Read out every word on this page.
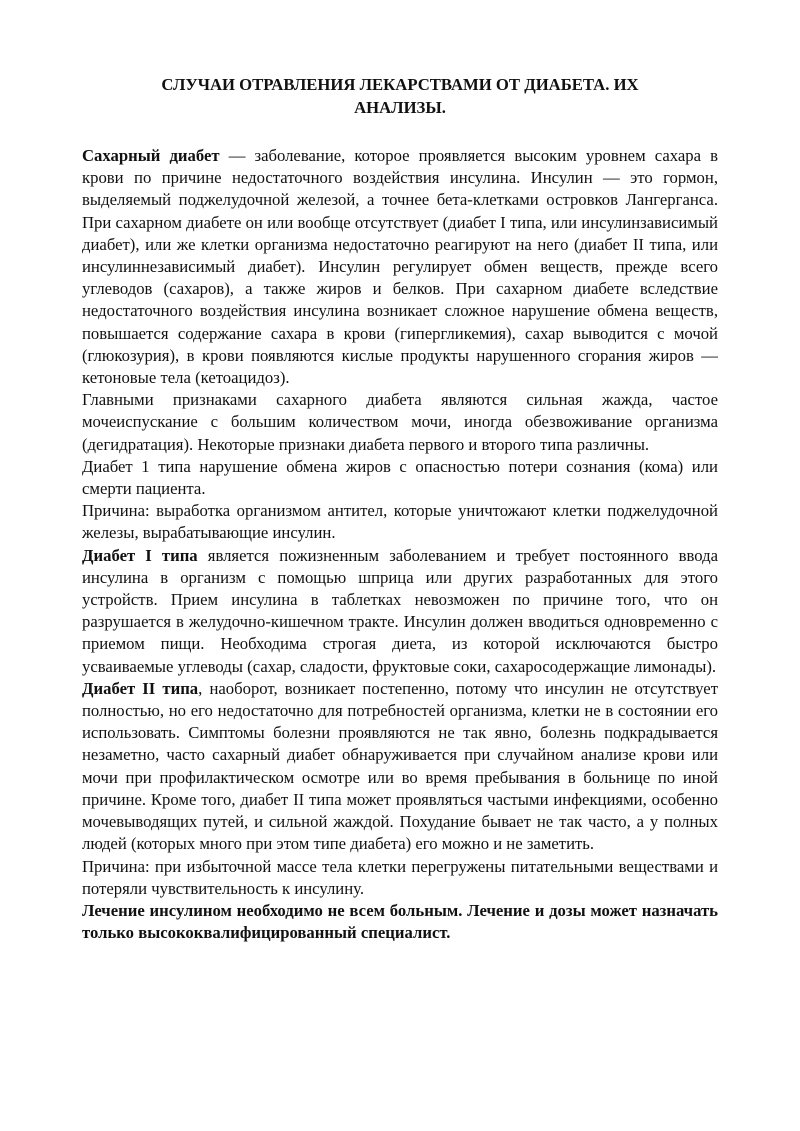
СЛУЧАИ ОТРАВЛЕНИЯ ЛЕКАРСТВАМИ ОТ ДИАБЕТА. ИХ АНАЛИЗЫ.

Сахарный диабет — заболевание, которое проявляется высоким уровнем сахара в крови по причине недостаточного воздействия инсулина. Инсулин — это гормон, выделяемый поджелудочной железой, а точнее бета-клетками островков Лангерганса. При сахарном диабете он или вообще отсутствует (диабет I типа, или инсулинзависимый диабет), или же клетки организма недостаточно реагируют на него (диабет II типа, или инсулиннезависимый диабет). Инсулин регулирует обмен веществ, прежде всего углеводов (сахаров), а также жиров и белков. При сахарном диабете вследствие недостаточного воздействия инсулина возникает сложное нарушение обмена веществ, повышается содержание сахара в крови (гипергликемия), сахар выводится с мочой (глюкозурия), в крови появляются кислые продукты нарушенного сгорания жиров — кетоновые тела (кетоацидоз).

Главными признаками сахарного диабета являются сильная жажда, частое мочеиспускание с большим количеством мочи, иногда обезвоживание организма (дегидратация). Некоторые признаки диабета первого и второго типа различны.

Диабет 1 типа нарушение обмена жиров с опасностью потери сознания (кома) или смерти пациента.

Причина: выработка организмом антител, которые уничтожают клетки поджелудочной железы, вырабатывающие инсулин.

Диабет I типа является пожизненным заболеванием и требует постоянного ввода инсулина в организм с помощью шприца или других разработанных для этого устройств. Прием инсулина в таблетках невозможен по причине того, что он разрушается в желудочно-кишечном тракте. Инсулин должен вводиться одновременно с приемом пищи. Необходима строгая диета, из которой исключаются быстро усваиваемые углеводы (сахар, сладости, фруктовые соки, сахаросодержащие лимонады).

Диабет II типа, наоборот, возникает постепенно, потому что инсулин не отсутствует полностью, но его недостаточно для потребностей организма, клетки не в состоянии его использовать. Симптомы болезни проявляются не так явно, болезнь подкрадывается незаметно, часто сахарный диабет обнаруживается при случайном анализе крови или мочи при профилактическом осмотре или во время пребывания в больнице по иной причине. Кроме того, диабет II типа может проявляться частыми инфекциями, особенно мочевыводящих путей, и сильной жаждой. Похудание бывает не так часто, а у полных людей (которых много при этом типе диабета) его можно и не заметить.

Причина: при избыточной массе тела клетки перегружены питательными веществами и потеряли чувствительность к инсулину.

Лечение инсулином необходимо не всем больным. Лечение и дозы может назначать только высококвалифицированный специалист.
